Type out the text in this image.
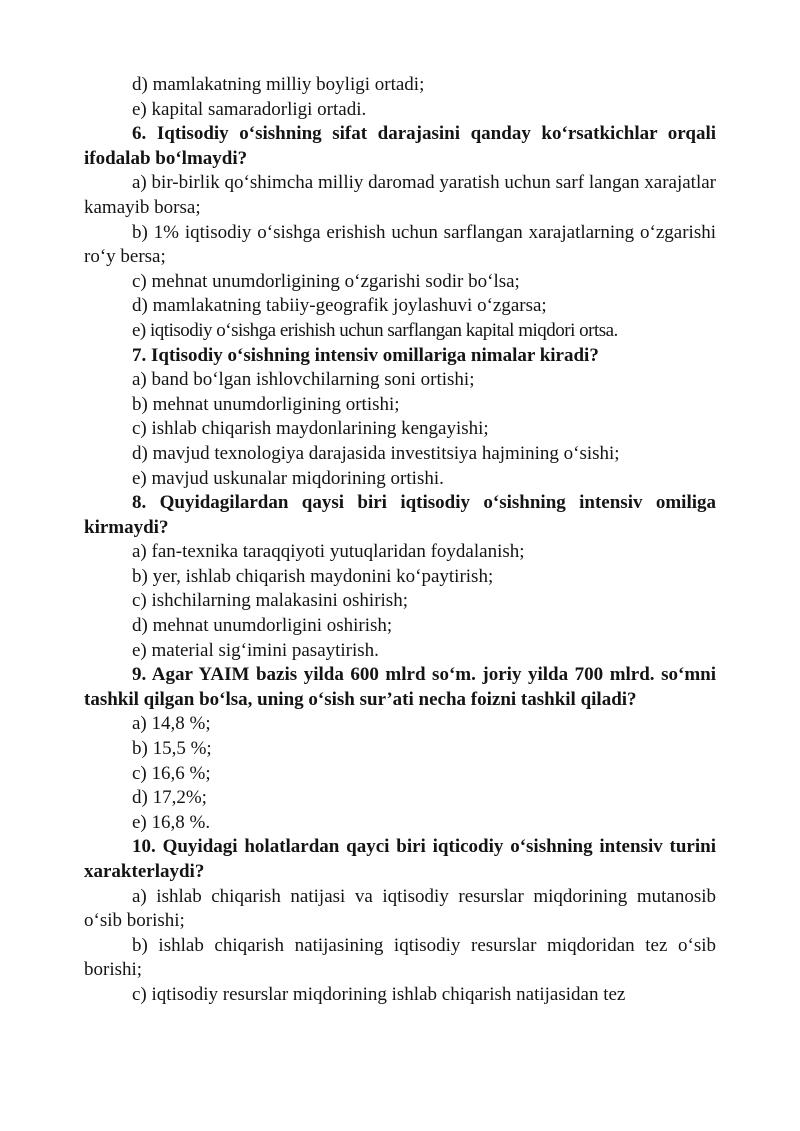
d) mamlakatning milliy boyligi ortadi;

e) kapital samaradorligi ortadi.

6. Iqtisodiy o‘sishning sifat darajasini qanday ko‘rsatkichlar orqali ifodalab bo‘lmaydi?

a) bir-birlik qo‘shimcha milliy daromad yaratish uchun sarf langan xarajatlar kamayib borsa;

b) 1% iqtisodiy o‘sishga erishish uchun sarflangan xarajatlarning o‘zgarishi ro‘y bersa;

c) mehnat unumdorligining o‘zgarishi sodir bo‘lsa;

d) mamlakatning tabiiy-geografik joylashuvi o‘zgarsa;

e) iqtisodiy o‘sishga erishish uchun sarflangan kapital miqdori ortsa.

7. Iqtisodiy o‘sishning intensiv omillariga nimalar kiradi?

a) band bo‘lgan ishlovchilarning soni ortishi;

b) mehnat unumdorligining ortishi;

c) ishlab chiqarish maydonlarining kengayishi;

d) mavjud texnologiya darajasida investitsiya hajmining o‘sishi;

e) mavjud uskunalar miqdorining ortishi.

8. Quyidagilardan qaysi biri iqtisodiy o‘sishning intensiv omiliga kirmaydi?

a) fan-texnika taraqqiyoti yutuqlaridan foydalanish;

b) yer, ishlab chiqarish maydonini ko‘paytirish;

c) ishchilarning malakasini oshirish;

d) mehnat unumdorligini oshirish;

e) material sig‘imini pasaytirish.

9. Agar YAIM bazis yilda 600 mlrd so‘m. joriy yilda 700 mlrd. so‘mni tashkil qilgan bo‘lsa, uning o‘sish sur’ati necha foizni tashkil qiladi?

a) 14,8 %;

b) 15,5 %;

c) 16,6 %;

d) 17,2%;

e) 16,8 %.

10. Quyidagi holatlardan qayci biri iqticodiy o‘sishning intensiv turini xarakterlaydi?

a) ishlab chiqarish natijasi va iqtisodiy resurslar miqdorining mutanosib o‘sib borishi;

b) ishlab chiqarish natijasining iqtisodiy resurslar miqdoridan tez o‘sib borishi;

c) iqtisodiy resurslar miqdorining ishlab chiqarish natijasidan tez
